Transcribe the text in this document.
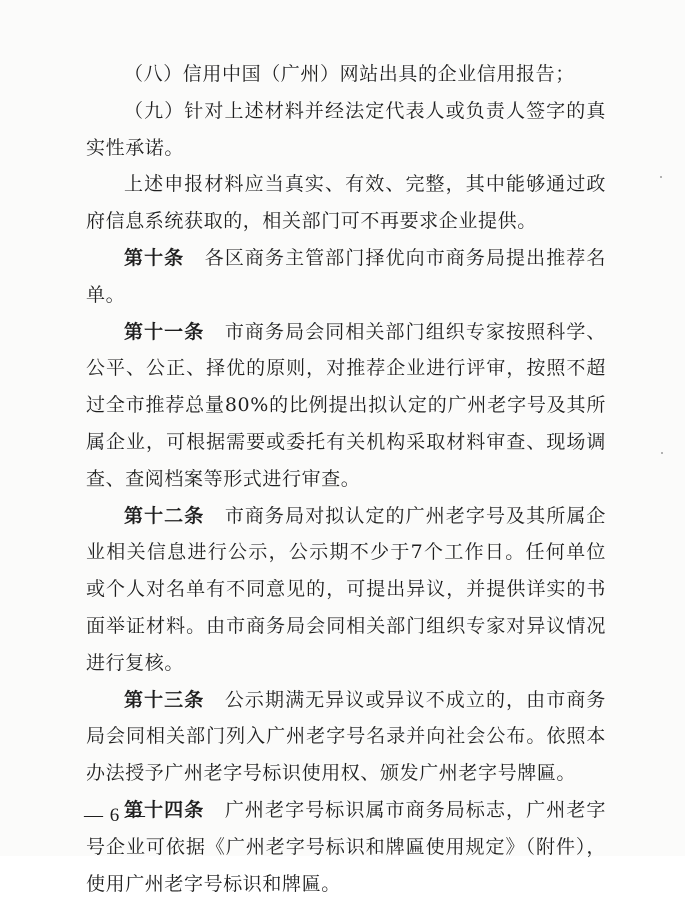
（八）信用中国（广州）网站出具的企业信用报告；

（九）针对上述材料并经法定代表人或负责人签字的真实性承诺。

上述申报材料应当真实、有效、完整，其中能够通过政府信息系统获取的，相关部门可不再要求企业提供。

第十条 各区商务主管部门择优向市商务局提出推荐名单。

第十一条 市商务局会同相关部门组织专家按照科学、公平、公正、择优的原则，对推荐企业进行评审，按照不超过全市推荐总量80%的比例提出拟认定的广州老字号及其所属企业，可根据需要或委托有关机构采取材料审查、现场调查、查阅档案等形式进行审查。

第十二条 市商务局对拟认定的广州老字号及其所属企业相关信息进行公示，公示期不少于7个工作日。任何单位或个人对名单有不同意见的，可提出异议，并提供详实的书面举证材料。由市商务局会同相关部门组织专家对异议情况进行复核。

第十三条 公示期满无异议或异议不成立的，由市商务局会同相关部门列入广州老字号名录并向社会公布。依照本办法授予广州老字号标识使用权、颁发广州老字号牌匾。

第十四条 广州老字号标识属市商务局标志，广州老字号企业可依据《广州老字号标识和牌匾使用规定》（附件）， 使用广州老字号标识和牌匾。

— 6 —
